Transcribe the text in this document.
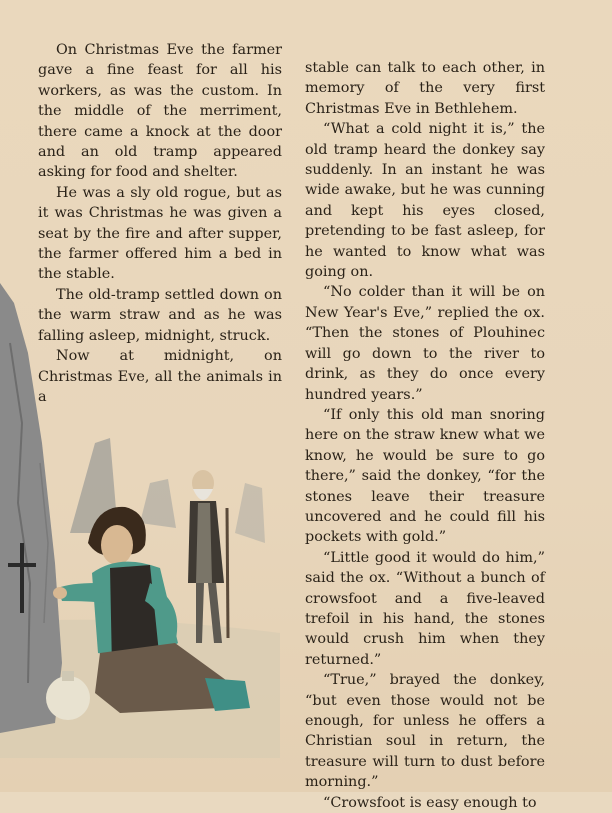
On Christmas Eve the farmer gave a fine feast for all his workers, as was the custom. In the middle of the merriment, there came a knock at the door and an old tramp appeared asking for food and shelter.

He was a sly old rogue, but as it was Christmas he was given a seat by the fire and after supper, the farmer offered him a bed in the stable.

The old-tramp settled down on the warm straw and as he was falling asleep, midnight, struck.

Now at midnight, on Christmas Eve, all the animals in a

stable can talk to each other, in memory of the very first Christmas Eve in Bethlehem.

“What a cold night it is,” the old tramp heard the donkey say suddenly. In an instant he was wide awake, but he was cunning and kept his eyes closed, pretending to be fast asleep, for he wanted to know what was going on.

“No colder than it will be on New Year's Eve,” replied the ox. “Then the stones of Plouhinec will go down to the river to drink, as they do once every hundred years.”

“If only this old man snoring here on the straw knew what we know, he would be sure to go there,” said the donkey, “for the stones leave their treasure uncovered and he could fill his pockets with gold.”

“Little good it would do him,” said the ox. “Without a bunch of crowsfoot and a five-leaved trefoil in his hand, the stones would crush him when they returned.”

“True,” brayed the donkey, “but even those would not be enough, for unless he offers a Christian soul in return, the treasure will turn to dust before morning.”

“Crowsfoot is easy enough to
